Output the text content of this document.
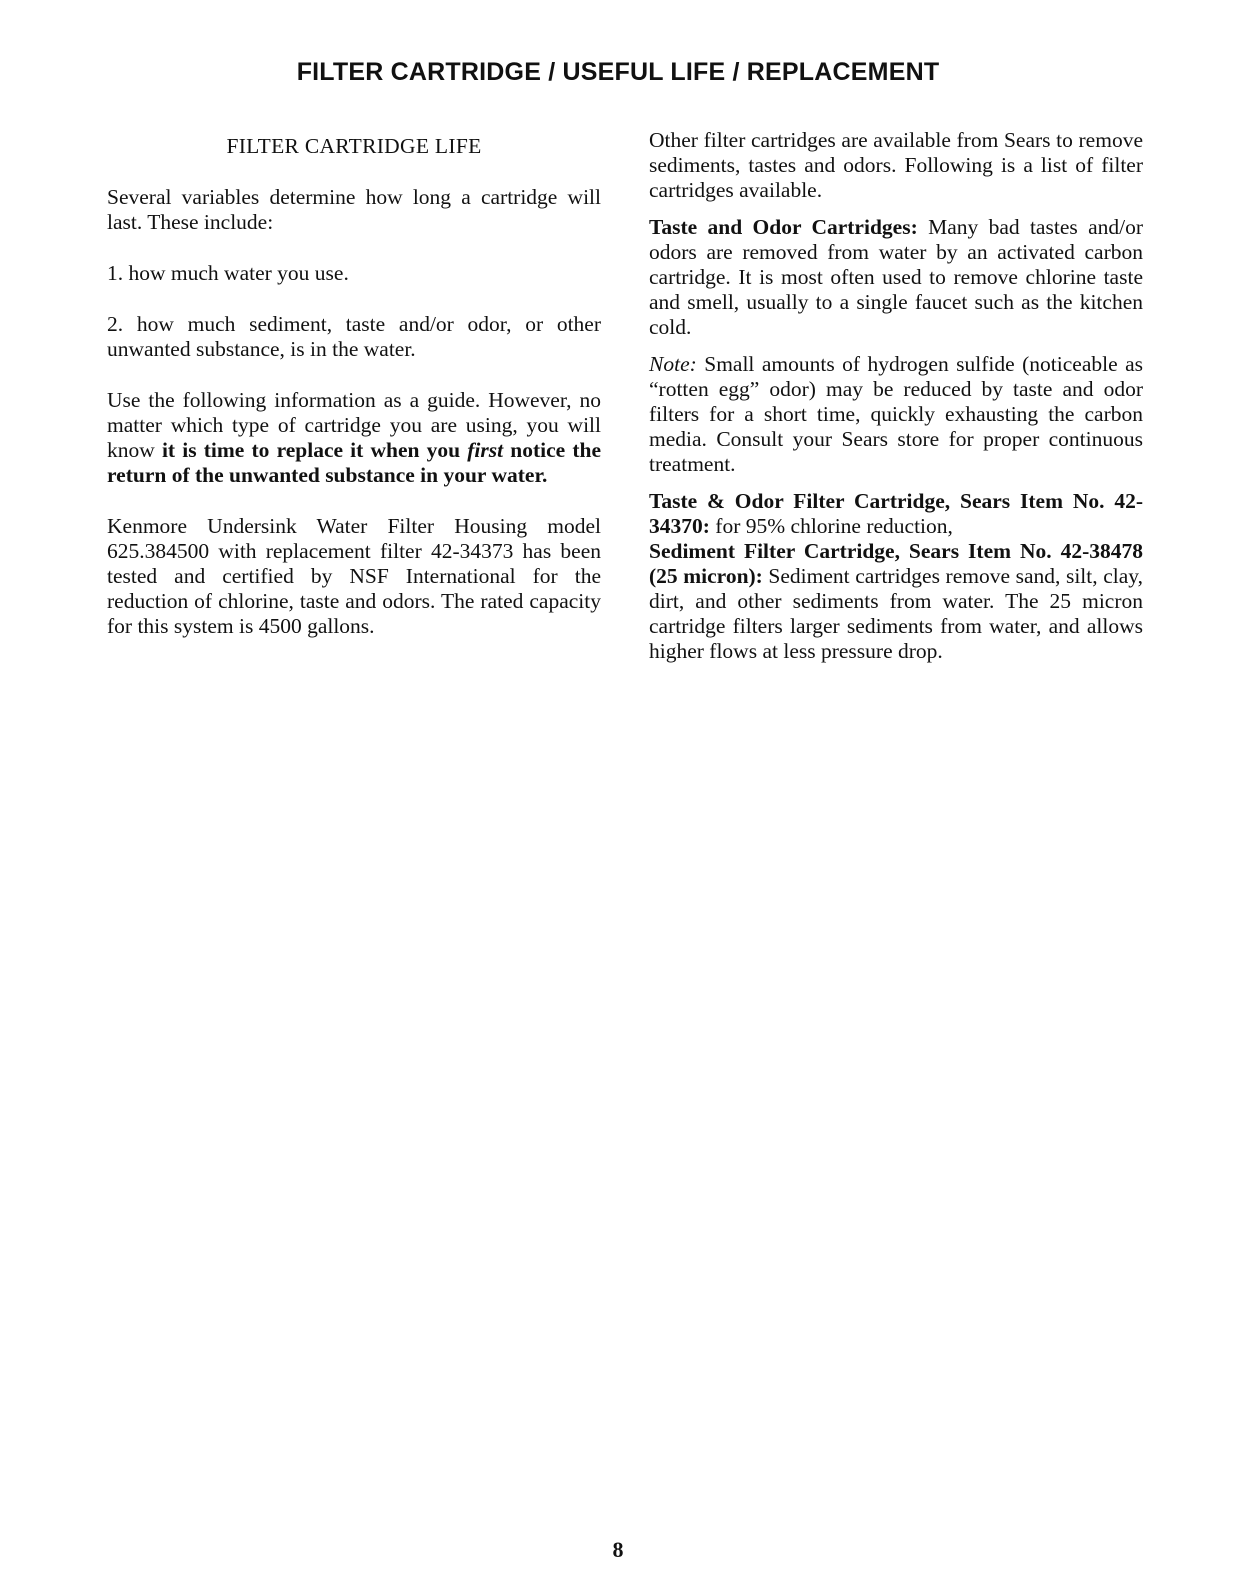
FILTER CARTRIDGE / USEFUL LIFE / REPLACEMENT
FILTER CARTRIDGE LIFE

Several variables determine how long a cartridge will last. These include:

1. how much water you use.

2. how much sediment, taste and/or odor, or other unwanted substance, is in the water.

Use the following information as a guide. However, no matter which type of cartridge you are using, you will know it is time to replace it when you first notice the return of the unwanted substance in your water.

Kenmore Undersink Water Filter Housing model 625.384500 with replacement filter 42-34373 has been tested and certified by NSF International for the reduction of chlorine, taste and odors. The rated capacity for this system is 4500 gallons.

Other filter cartridges are available from Sears to remove sediments, tastes and odors. Following is a list of filter cartridges available.

Taste and Odor Cartridges: Many bad tastes and/or odors are removed from water by an activated carbon cartridge. It is most often used to remove chlorine taste and smell, usually to a single faucet such as the kitchen cold.

Note: Small amounts of hydrogen sulfide (noticeable as “rotten egg” odor) may be reduced by taste and odor filters for a short time, quickly exhausting the carbon media. Consult your Sears store for proper continuous treatment.

Taste & Odor Filter Cartridge, Sears Item No. 42-34370: for 95% chlorine reduction,

Sediment Filter Cartridge, Sears Item No. 42-38478 (25 micron): Sediment cartridges remove sand, silt, clay, dirt, and other sediments from water. The 25 micron cartridge filters larger sediments from water, and allows higher flows at less pressure drop.

8
